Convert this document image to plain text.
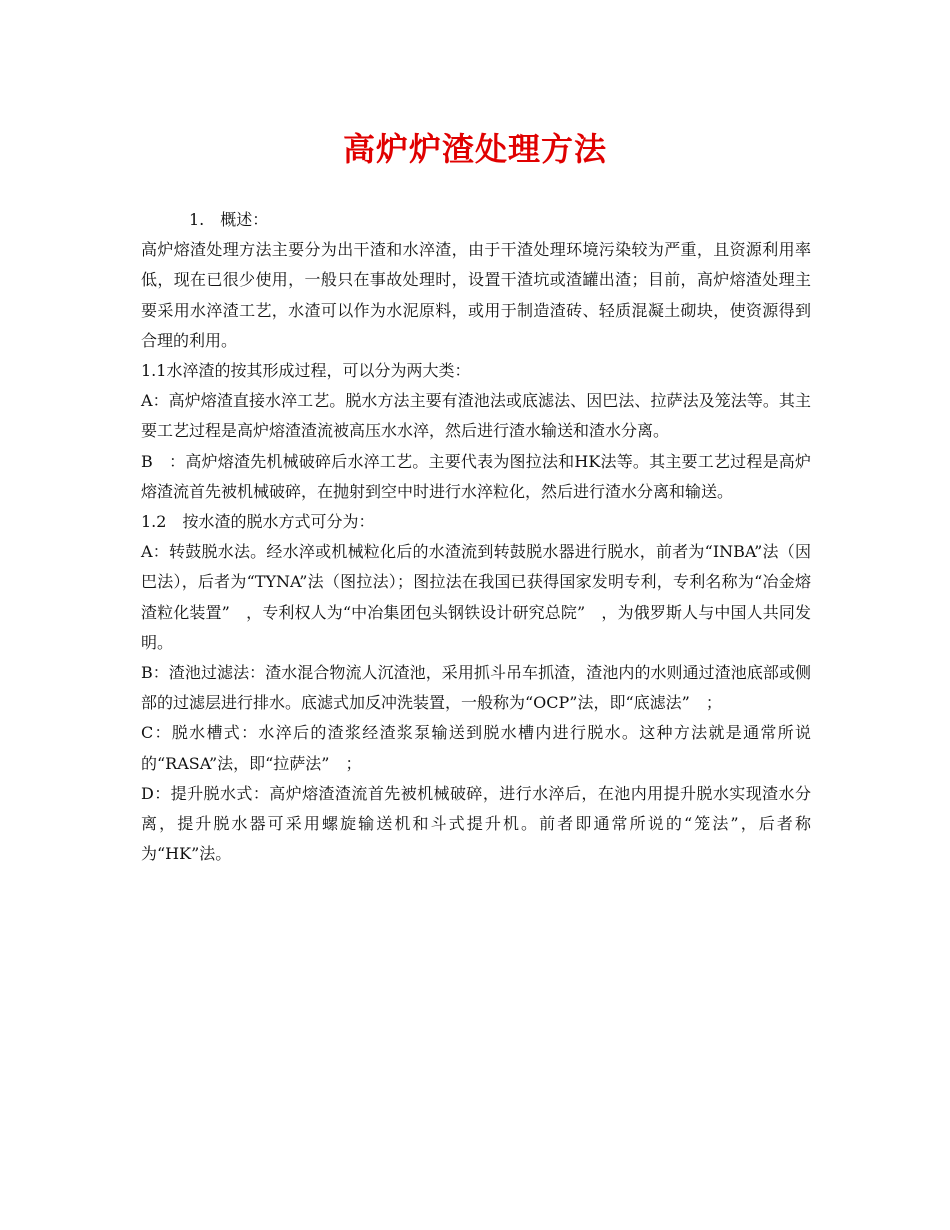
高炉炉渣处理方法

1.　概述：

高炉熔渣处理方法主要分为出干渣和水淬渣，由于干渣处理环境污染较为严重，且资源利用率低，现在已很少使用，一般只在事故处理时，设置干渣坑或渣罐出渣；目前，高炉熔渣处理主要采用水淬渣工艺，水渣可以作为水泥原料，或用于制造渣砖、轻质混凝土砌块，使资源得到合理的利用。

1.1水淬渣的按其形成过程，可以分为两大类：

A：高炉熔渣直接水淬工艺。脱水方法主要有渣池法或底滤法、因巴法、拉萨法及笼法等。其主要工艺过程是高炉熔渣渣流被高压水水淬，然后进行渣水输送和渣水分离。

B　：高炉熔渣先机械破碎后水淬工艺。主要代表为图拉法和HK法等。其主要工艺过程是高炉熔渣流首先被机械破碎，在抛射到空中时进行水淬粒化，然后进行渣水分离和输送。

1.2　按水渣的脱水方式可分为：

A：转鼓脱水法。经水淬或机械粒化后的水渣流到转鼓脱水器进行脱水，前者为“INBA”法（因巴法），后者为“TYNA”法（图拉法）；图拉法在我国已获得国家发明专利，专利名称为“冶金熔渣粒化装置”　，专利权人为“中冶集团包头钢铁设计研究总院”　，为俄罗斯人与中国人共同发明。

B：渣池过滤法：渣水混合物流人沉渣池，采用抓斗吊车抓渣，渣池内的水则通过渣池底部或侧部的过滤层进行排水。底滤式加反冲洗装置，一般称为“OCP”法，即“底滤法”　；

C：脱水槽式：水淬后的渣浆经渣浆泵输送到脱水槽内进行脱水。这种方法就是通常所说的“RASA”法，即“拉萨法”　；

D：提升脱水式：高炉熔渣渣流首先被机械破碎，进行水淬后，在池内用提升脱水实现渣水分离，提升脱水器可采用螺旋输送机和斗式提升机。前者即通常所说的“笼法”，后者称为“HK”法。
